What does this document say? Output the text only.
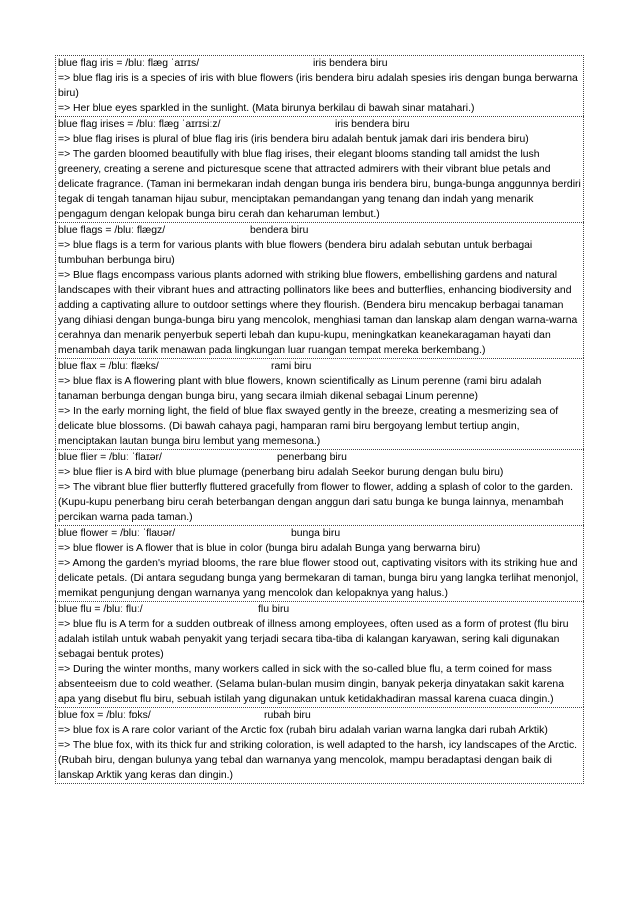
blue flag iris = /bluː flæg ˈaɪrɪs/	iris bendera biru
=> blue flag iris is a species of iris with blue flowers (iris bendera biru adalah spesies iris dengan bunga berwarna biru)
=> Her blue eyes sparkled in the sunlight. (Mata birunya berkilau di bawah sinar matahari.)
blue flag irises = /bluː flæg ˈaɪrɪsiːz/	iris bendera biru
=> blue flag irises is plural of blue flag iris (iris bendera biru adalah bentuk jamak dari iris bendera biru)
=> The garden bloomed beautifully with blue flag irises, their elegant blooms standing tall amidst the lush greenery, creating a serene and picturesque scene that attracted admirers with their vibrant blue petals and delicate fragrance. (Taman ini bermekaran indah dengan bunga iris bendera biru, bunga-bunga anggunnya berdiri tegak di tengah tanaman hijau subur, menciptakan pemandangan yang tenang dan indah yang menarik pengagum dengan kelopak bunga biru cerah dan keharuman lembut.)
blue flags = /bluː flægz/	bendera biru
=> blue flags is a term for various plants with blue flowers (bendera biru adalah sebutan untuk berbagai tumbuhan berbunga biru)
=> Blue flags encompass various plants adorned with striking blue flowers, embellishing gardens and natural landscapes with their vibrant hues and attracting pollinators like bees and butterflies, enhancing biodiversity and adding a captivating allure to outdoor settings where they flourish. (Bendera biru mencakup berbagai tanaman yang dihiasi dengan bunga-bunga biru yang mencolok, menghiasi taman dan lanskap alam dengan warna-warna cerahnya dan menarik penyerbuk seperti lebah dan kupu-kupu, meningkatkan keanekaragaman hayati dan menambah daya tarik menawan pada lingkungan luar ruangan tempat mereka berkembang.)
blue flax = /bluː flæks/	rami biru
=> blue flax is A flowering plant with blue flowers, known scientifically as Linum perenne (rami biru adalah tanaman berbunga dengan bunga biru, yang secara ilmiah dikenal sebagai Linum perenne)
=> In the early morning light, the field of blue flax swayed gently in the breeze, creating a mesmerizing sea of delicate blue blossoms. (Di bawah cahaya pagi, hamparan rami biru bergoyang lembut tertiup angin, menciptakan lautan bunga biru lembut yang memesona.)
blue flier = /bluː ˈflaɪər/	penerbang biru
=> blue flier is A bird with blue plumage (penerbang biru adalah Seekor burung dengan bulu biru)
=> The vibrant blue flier butterfly fluttered gracefully from flower to flower, adding a splash of color to the garden. (Kupu-kupu penerbang biru cerah beterbangan dengan anggun dari satu bunga ke bunga lainnya, menambah percikan warna pada taman.)
blue flower = /bluː ˈflaʊər/	bunga biru
=> blue flower is A flower that is blue in color (bunga biru adalah Bunga yang berwarna biru)
=> Among the garden's myriad blooms, the rare blue flower stood out, captivating visitors with its striking hue and delicate petals. (Di antara segudang bunga yang bermekaran di taman, bunga biru yang langka terlihat menonjol, memikat pengunjung dengan warnanya yang mencolok dan kelopaknya yang halus.)
blue flu = /bluː fluː/	flu biru
=> blue flu is A term for a sudden outbreak of illness among employees, often used as a form of protest (flu biru adalah istilah untuk wabah penyakit yang terjadi secara tiba-tiba di kalangan karyawan, sering kali digunakan sebagai bentuk protes)
=> During the winter months, many workers called in sick with the so-called blue flu, a term coined for mass absenteeism due to cold weather. (Selama bulan-bulan musim dingin, banyak pekerja dinyatakan sakit karena apa yang disebut flu biru, sebuah istilah yang digunakan untuk ketidakhadiran massal karena cuaca dingin.)
blue fox = /bluː fɒks/	rubah biru
=> blue fox is A rare color variant of the Arctic fox (rubah biru adalah varian warna langka dari rubah Arktik)
=> The blue fox, with its thick fur and striking coloration, is well adapted to the harsh, icy landscapes of the Arctic. (Rubah biru, dengan bulunya yang tebal dan warnanya yang mencolok, mampu beradaptasi dengan baik di lanskap Arktik yang keras dan dingin.)
